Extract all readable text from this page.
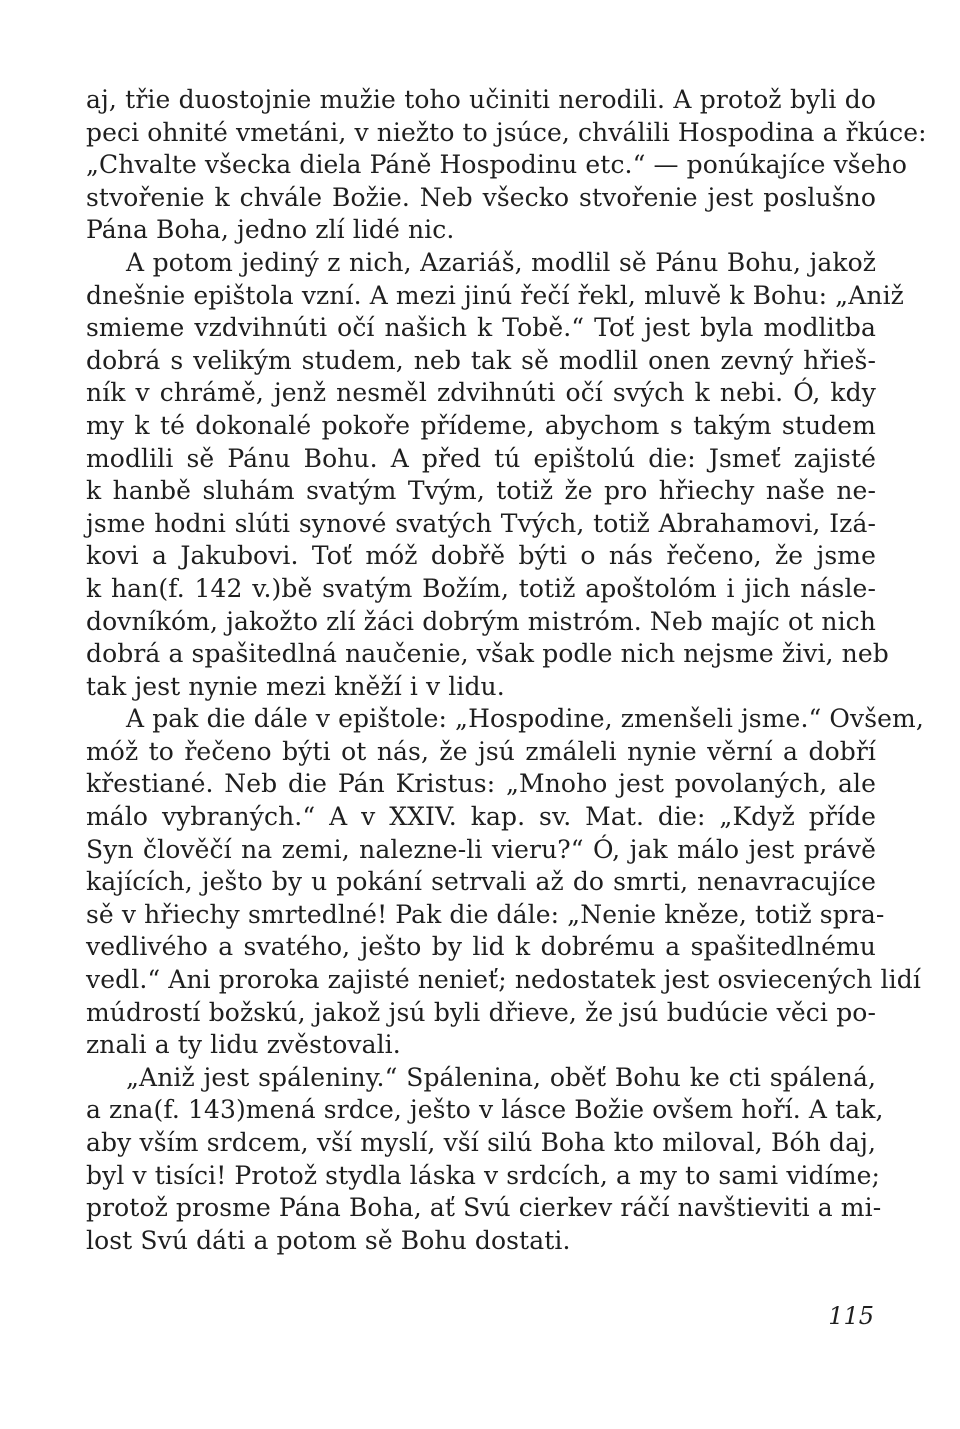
aj, třie duostojnie mužie toho učiniti nerodili. A protož byli do
peci ohnité vmetáni, v niežto to jsúce, chválili Hospodina a řkúce:
„Chvalte všecka diela Páně Hospodinu etc.“ — ponúkajíce všeho
stvořenie k chvále Božie. Neb všecko stvořenie jest poslušno
Pána Boha, jedno zlí lidé nic.
A potom jediný z nich, Azariáš, modlil sě Pánu Bohu, jakož
dnešnie epištola vzní. A mezi jinú řečí řekl, mluvě k Bohu: „Aniž
smieme vzdvihnúti očí našich k Tobě.“ Toť jest byla modlitba
dobrá s velikým studem, neb tak sě modlil onen zevný hřieš-
ník v chrámě, jenž nesměl zdvihnúti očí svých k nebi. Ó, kdy
my k té dokonalé pokoře přídeme, abychom s takým studem
modlili sě Pánu Bohu. A před tú epištolú die: Jsmeť zajisté
k hanbě sluhám svatým Tvým, totiž že pro hřiechy naše ne-
jsme hodni slúti synové svatých Tvých, totiž Abrahamovi, Izá-
kovi a Jakubovi. Toť móž dobřě býti o nás řečeno, že jsme
k han(f. 142 v.)bě svatým Božím, totiž apoštolóm i jich násle-
dovníkóm, jakožto zlí žáci dobrým mistróm. Neb majíc ot nich
dobrá a spašitedlná naučenie, však podle nich nejsme živi, neb
tak jest nynie mezi kněží i v lidu.
A pak die dále v epištole: „Hospodine, zmenšeli jsme.“ Ovšem,
móž to řečeno býti ot nás, že jsú zmáleli nynie věrní a dobří
křestiané. Neb die Pán Kristus: „Mnoho jest povolaných, ale
málo vybraných.“ A v XXIV. kap. sv. Mat. die: „Když příde
Syn člověčí na zemi, nalezne-li vieru?“ Ó, jak málo jest právě
kajících, ješto by u pokání setrvali až do smrti, nenavracujíce
sě v hřiechy smrtedlné! Pak die dále: „Nenie kněze, totiž spra-
vedlivého a svatého, ješto by lid k dobrému a spašitedlnému
vedl.“ Ani proroka zajisté nenieť; nedostatek jest osviecených lidí
múdrostí božskú, jakož jsú byli dřieve, že jsú budúcie věci po-
znali a ty lidu zvěstovali.
„Aniž jest spáleniny.“ Spálenina, oběť Bohu ke cti spálená,
a zna(f. 143)mená srdce, ješto v lásce Božie ovšem hoří. A tak,
aby vším srdcem, vší myslí, vší silú Boha kto miloval, Bóh daj,
byl v tisíci! Protož stydla láska v srdcích, a my to sami vidíme;
protož prosme Pána Boha, ať Svú cierkev ráčí navštieviti a mi-
lost Svú dáti a potom sě Bohu dostati.
115
